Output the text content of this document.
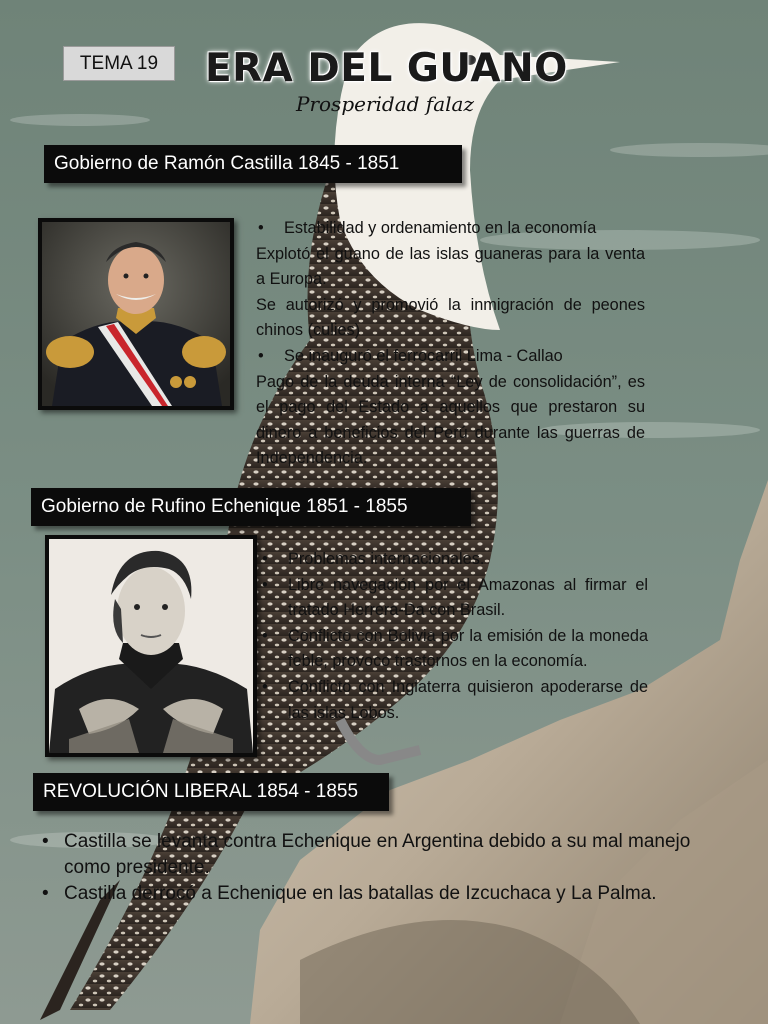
TEMA 19	ERA DEL GUANO
Prosperidad falaz
Gobierno de Ramón Castilla 1845 - 1851

• Estabilidad y ordenamiento en la economía

Explotó el guano de las islas guaneras para la venta a Europa.

Se autorizó y promovió la inmigración de peones chinos (culies)

• Se inauguró el ferrocarril Lima - Callao

Pago de la deuda interna “Ley de consolidación”, es el pago del Estado a aquellos que prestaron su dinero a beneficios del Perú durante las guerras de Independencia.

Gobierno de Rufino Echenique 1851 - 1855

• Problemas internacionales.

• Libre navegación por el Amazonas al firmar el tratado Herrera-Da con Brasil.

• Conflicto con Bolivia por la emisión de la moneda feble, provoco trastornos en la economía.

• Conflicto con Inglaterra quisieron apoderarse de las islas Lobos.

REVOLUCIÓN LIBERAL 1854 - 1855

• Castilla se levanta contra Echenique en Argentina debido a su mal manejo como presidente.

• Castilla derrocó a Echenique en las batallas de Izcuchaca y La Palma.
